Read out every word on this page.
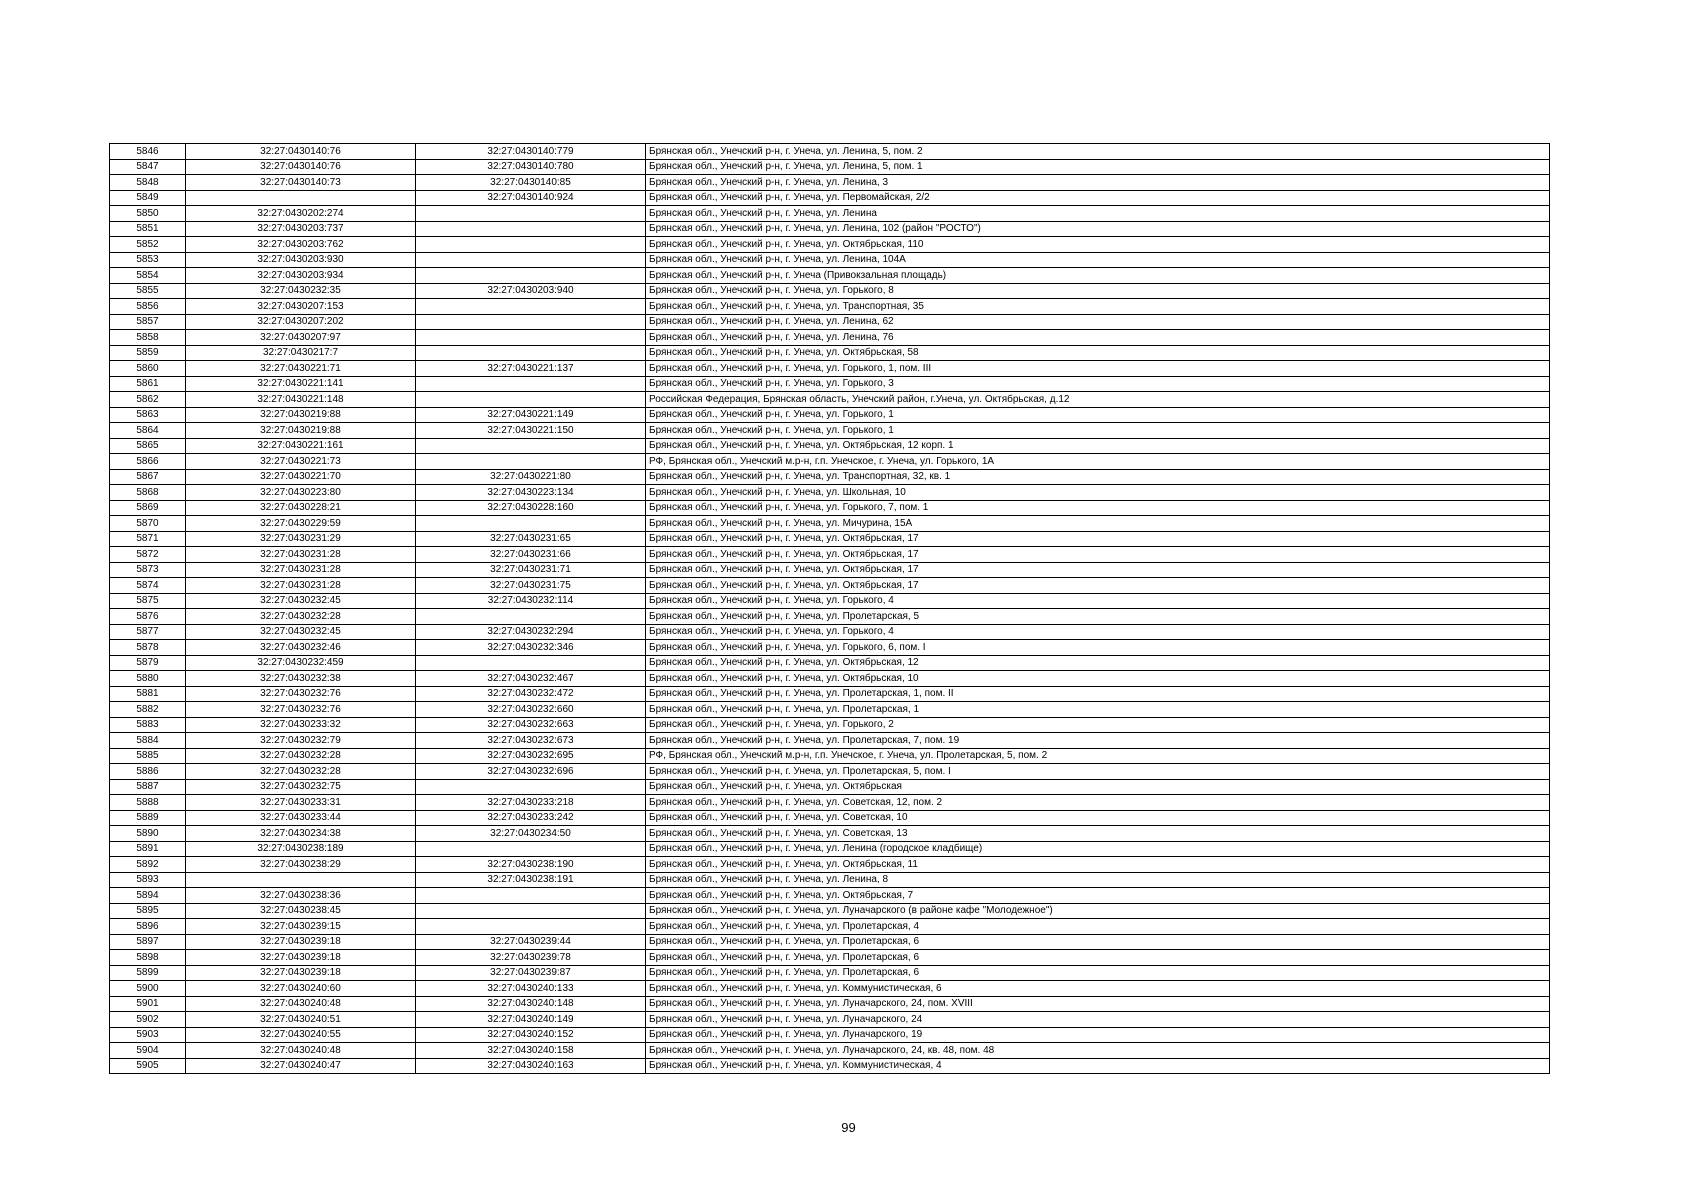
5846	32:27:0430140:76	32:27:0430140:779	Брянская обл., Унечский р-н, г. Унеча, ул. Ленина, 5, пом. 2
5847	32:27:0430140:76	32:27:0430140:780	Брянская обл., Унечский р-н, г. Унеча, ул. Ленина, 5, пом. 1
5848	32:27:0430140:73	32:27:0430140:85	Брянская обл., Унечский р-н, г. Унеча, ул. Ленина, 3
5849		32:27:0430140:924	Брянская обл., Унечский р-н, г. Унеча, ул. Первомайская, 2/2
5850	32:27:0430202:274		Брянская обл., Унечский р-н, г. Унеча, ул. Ленина
5851	32:27:0430203:737		Брянская обл., Унечский р-н, г. Унеча, ул. Ленина, 102 (район "РОСТО")
5852	32:27:0430203:762		Брянская обл., Унечский р-н, г. Унеча, ул. Октябрьская, 110
5853	32:27:0430203:930		Брянская обл., Унечский р-н, г. Унеча, ул. Ленина, 104А
5854	32:27:0430203:934		Брянская обл., Унечский р-н, г. Унеча (Привокзальная площадь)
5855	32:27:0430232:35	32:27:0430203:940	Брянская обл., Унечский р-н, г. Унеча, ул. Горького, 8
5856	32:27:0430207:153		Брянская обл., Унечский р-н, г. Унеча, ул. Транспортная, 35
5857	32:27:0430207:202		Брянская обл., Унечский р-н, г. Унеча, ул. Ленина, 62
5858	32:27:0430207:97		Брянская обл., Унечский р-н, г. Унеча, ул. Ленина, 76
5859	32:27:0430217:7		Брянская обл., Унечский р-н, г. Унеча, ул. Октябрьская, 58
5860	32:27:0430221:71	32:27:0430221:137	Брянская обл., Унечский р-н, г. Унеча, ул. Горького, 1, пом. III
5861	32:27:0430221:141		Брянская обл., Унечский р-н, г. Унеча, ул. Горького, 3
5862	32:27:0430221:148		Российская Федерация, Брянская область, Унечский район, г.Унеча, ул. Октябрьская, д.12
5863	32:27:0430219:88	32:27:0430221:149	Брянская обл., Унечский р-н, г. Унеча, ул. Горького, 1
5864	32:27:0430219:88	32:27:0430221:150	Брянская обл., Унечский р-н, г. Унеча, ул. Горького, 1
5865	32:27:0430221:161		Брянская обл., Унечский р-н, г. Унеча, ул. Октябрьская, 12 корп. 1
5866	32:27:0430221:73		РФ, Брянская обл., Унечский м.р-н, г.п. Унечское, г. Унеча, ул. Горького, 1А
5867	32:27:0430221:70	32:27:0430221:80	Брянская обл., Унечский р-н, г. Унеча, ул. Транспортная, 32, кв. 1
5868	32:27:0430223:80	32:27:0430223:134	Брянская обл., Унечский р-н, г. Унеча, ул. Школьная, 10
5869	32:27:0430228:21	32:27:0430228:160	Брянская обл., Унечский р-н, г. Унеча, ул. Горького, 7, пом. 1
5870	32:27:0430229:59		Брянская обл., Унечский р-н, г. Унеча, ул. Мичурина, 15А
5871	32:27:0430231:29	32:27:0430231:65	Брянская обл., Унечский р-н, г. Унеча, ул. Октябрьская, 17
5872	32:27:0430231:28	32:27:0430231:66	Брянская обл., Унечский р-н, г. Унеча, ул. Октябрьская, 17
5873	32:27:0430231:28	32:27:0430231:71	Брянская обл., Унечский р-н, г. Унеча, ул. Октябрьская, 17
5874	32:27:0430231:28	32:27:0430231:75	Брянская обл., Унечский р-н, г. Унеча, ул. Октябрьская, 17
5875	32:27:0430232:45	32:27:0430232:114	Брянская обл., Унечский р-н, г. Унеча, ул. Горького, 4
5876	32:27:0430232:28		Брянская обл., Унечский р-н, г. Унеча, ул. Пролетарская, 5
5877	32:27:0430232:45	32:27:0430232:294	Брянская обл., Унечский р-н, г. Унеча, ул. Горького, 4
5878	32:27:0430232:46	32:27:0430232:346	Брянская обл., Унечский р-н, г. Унеча, ул. Горького, 6, пом. I
5879	32:27:0430232:459		Брянская обл., Унечский р-н, г. Унеча, ул. Октябрьская, 12
5880	32:27:0430232:38	32:27:0430232:467	Брянская обл., Унечский р-н, г. Унеча, ул. Октябрьская, 10
5881	32:27:0430232:76	32:27:0430232:472	Брянская обл., Унечский р-н, г. Унеча, ул. Пролетарская, 1, пом. II
5882	32:27:0430232:76	32:27:0430232:660	Брянская обл., Унечский р-н, г. Унеча, ул. Пролетарская, 1
5883	32:27:0430233:32	32:27:0430232:663	Брянская обл., Унечский р-н, г. Унеча, ул. Горького, 2
5884	32:27:0430232:79	32:27:0430232:673	Брянская обл., Унечский р-н, г. Унеча, ул. Пролетарская, 7, пом. 19
5885	32:27:0430232:28	32:27:0430232:695	РФ, Брянская обл., Унечский м.р-н, г.п. Унечское, г. Унеча, ул. Пролетарская, 5, пом. 2
5886	32:27:0430232:28	32:27:0430232:696	Брянская обл., Унечский р-н, г. Унеча, ул. Пролетарская, 5, пом. I
5887	32:27:0430232:75		Брянская обл., Унечский р-н, г. Унеча, ул. Октябрьская
5888	32:27:0430233:31	32:27:0430233:218	Брянская обл., Унечский р-н, г. Унеча, ул. Советская, 12, пом. 2
5889	32:27:0430233:44	32:27:0430233:242	Брянская обл., Унечский р-н, г. Унеча, ул. Советская, 10
5890	32:27:0430234:38	32:27:0430234:50	Брянская обл., Унечский р-н, г. Унеча, ул. Советская, 13
5891	32:27:0430238:189		Брянская обл., Унечский р-н, г. Унеча, ул. Ленина (городское кладбище)
5892	32:27:0430238:29	32:27:0430238:190	Брянская обл., Унечский р-н, г. Унеча, ул. Октябрьская, 11
5893		32:27:0430238:191	Брянская обл., Унечский р-н, г. Унеча, ул. Ленина, 8
5894	32:27:0430238:36		Брянская обл., Унечский р-н, г. Унеча, ул. Октябрьская, 7
5895	32:27:0430238:45		Брянская обл., Унечский р-н, г. Унеча, ул. Луначарского (в районе кафе "Молодежное")
5896	32:27:0430239:15		Брянская обл., Унечский р-н, г. Унеча, ул. Пролетарская, 4
5897	32:27:0430239:18	32:27:0430239:44	Брянская обл., Унечский р-н, г. Унеча, ул. Пролетарская, 6
5898	32:27:0430239:18	32:27:0430239:78	Брянская обл., Унечский р-н, г. Унеча, ул. Пролетарская, 6
5899	32:27:0430239:18	32:27:0430239:87	Брянская обл., Унечский р-н, г. Унеча, ул. Пролетарская, 6
5900	32:27:0430240:60	32:27:0430240:133	Брянская обл., Унечский р-н, г. Унеча, ул. Коммунистическая, 6
5901	32:27:0430240:48	32:27:0430240:148	Брянская обл., Унечский р-н, г. Унеча, ул. Луначарского, 24, пом. XVIII
5902	32:27:0430240:51	32:27:0430240:149	Брянская обл., Унечский р-н, г. Унеча, ул. Луначарского, 24
5903	32:27:0430240:55	32:27:0430240:152	Брянская обл., Унечский р-н, г. Унеча, ул. Луначарского, 19
5904	32:27:0430240:48	32:27:0430240:158	Брянская обл., Унечский р-н, г. Унеча, ул. Луначарского, 24, кв. 48, пом. 48
5905	32:27:0430240:47	32:27:0430240:163	Брянская обл., Унечский р-н, г. Унеча, ул. Коммунистическая, 4
99
